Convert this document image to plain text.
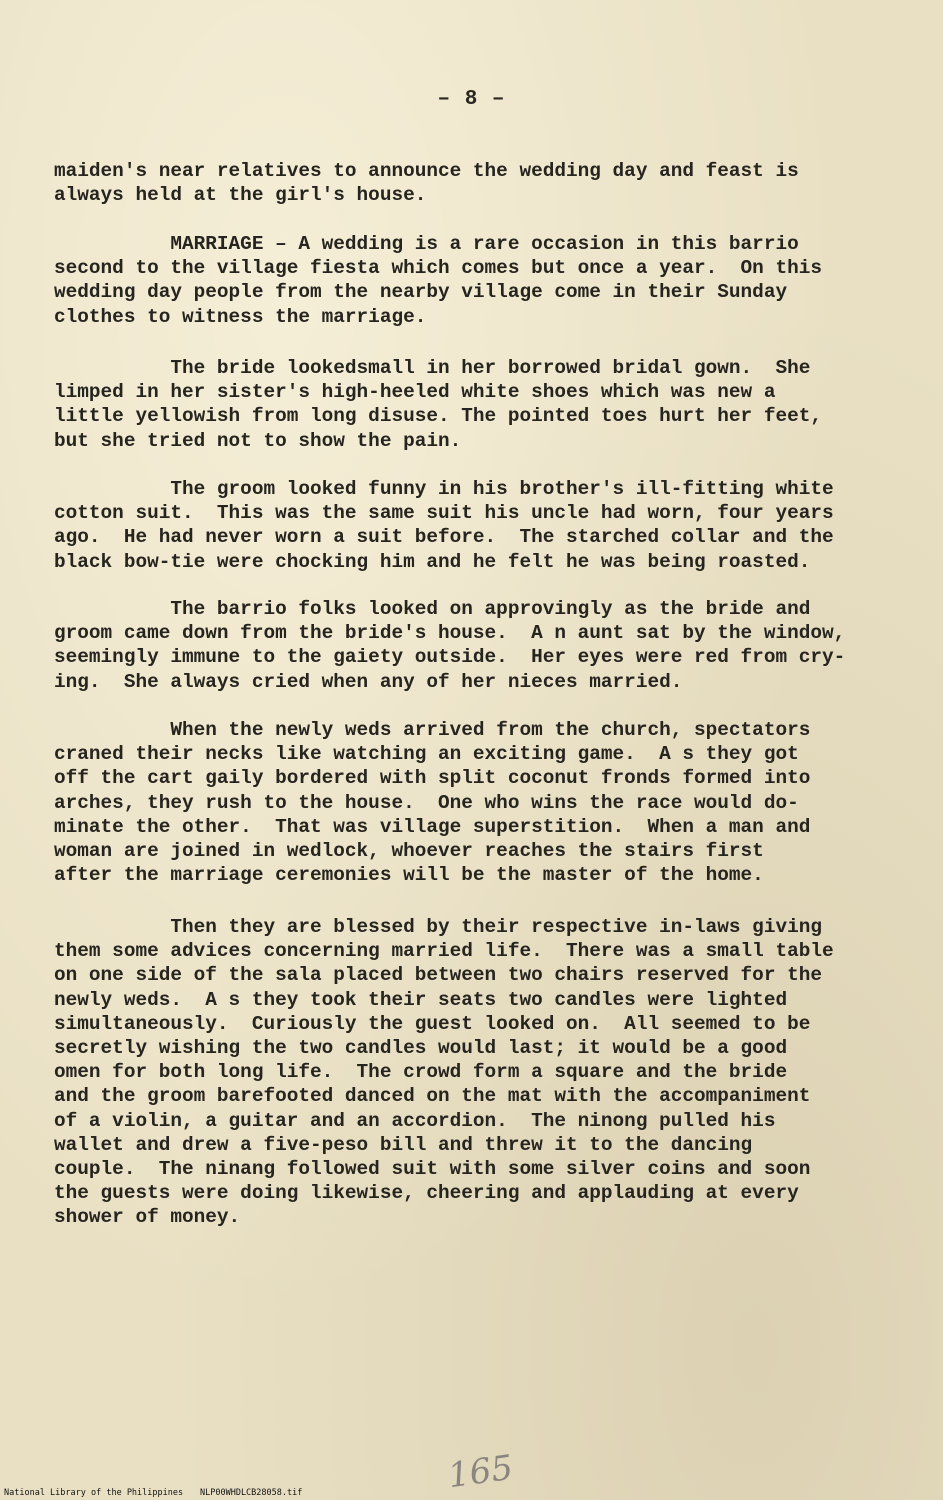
– 8 –

maiden's near relatives to announce the wedding day and feast is
always held at the girl's house.

MARRIAGE – A wedding is a rare occasion in this barrio
second to the village fiesta which comes but once a year.  On this
wedding day people from the nearby village come in their Sunday
clothes to witness the marriage.

The bride lookedsmall in her borrowed bridal gown.  She
limped in her sister's high-heeled white shoes which was new a
little yellowish from long disuse. The pointed toes hurt her feet,
but she tried not to show the pain.

The groom looked funny in his brother's ill-fitting white
cotton suit.  This was the same suit his uncle had worn, four years
ago.  He had never worn a suit before.  The starched collar and the
black bow-tie were chocking him and he felt he was being roasted.

The barrio folks looked on approvingly as the bride and
groom came down from the bride's house.  A n aunt sat by the window,
seemingly immune to the gaiety outside.  Her eyes were red from cry-
ing.  She always cried when any of her nieces married.

When the newly weds arrived from the church, spectators
craned their necks like watching an exciting game.  A s they got
off the cart gaily bordered with split coconut fronds formed into
arches, they rush to the house.  One who wins the race would do-
minate the other.  That was village superstition.  When a man and
woman are joined in wedlock, whoever reaches the stairs first
after the marriage ceremonies will be the master of the home.

Then they are blessed by their respective in-laws giving
them some advices concerning married life.  There was a small table
on one side of the sala placed between two chairs reserved for the
newly weds.  A s they took their seats two candles were lighted
simultaneously.  Curiously the guest looked on.  All seemed to be
secretly wishing the two candles would last; it would be a good
omen for both long life.  The crowd form a square and the bride
and the groom barefooted danced on the mat with the accompaniment
of a violin, a guitar and an accordion.  The ninong pulled his
wallet and drew a five-peso bill and threw it to the dancing
couple.  The ninang followed suit with some silver coins and soon
the guests were doing likewise, cheering and applauding at every
shower of money.

165
National Library of the Philippines NLP00WHDLCB28058.tif
